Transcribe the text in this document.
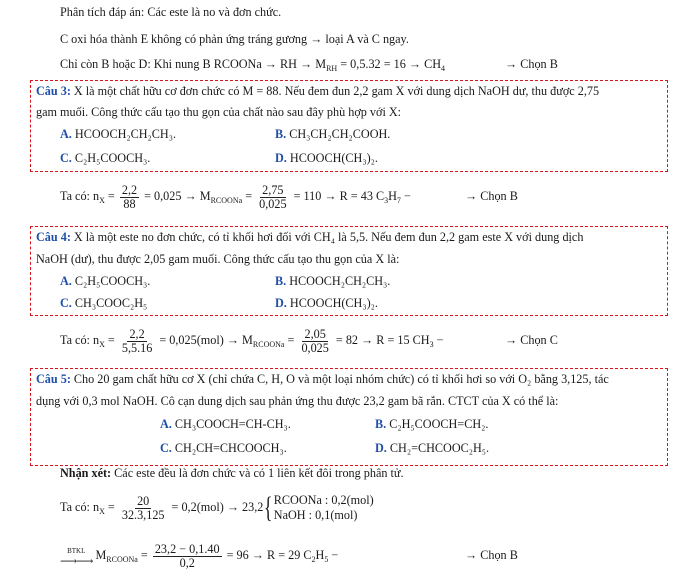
Phân tích đáp án: Các este là no và đơn chức.
C oxi hóa thành E không có phản ứng tráng gương → loại A và C ngay.
Chỉ còn B hoặc D: Khi nung B RCOONa → RH → $M_{RH} = 0,5.32 = 16 \to CH_4$	→ Chọn B
Câu 3: X là một chất hữu cơ đơn chức có M = 88. Nếu đem đun 2,2 gam X với dung dịch NaOH dư, thu được 2,75
gam muối. Công thức cấu tạo thu gọn của chất nào sau đây phù hợp với X:
A. HCOOCH₂CH₂CH₃.	B. CH₃CH₂CH₂COOH.
C. C₂H₅COOCH₃.	D. HCOOCH(CH₃)₂.
Ta có: $n_X = \frac{2,2}{88} = 0,025 \to M_{RCOONa} = \frac{2,75}{0,025} = 110 \to R = 43$ $C_3H_7$ −	→ Chọn B
Câu 4: X là một este no đơn chức, có tỉ khối hơi đối với CH₄ là 5,5. Nếu đem đun 2,2 gam este X với dung dịch
NaOH (dư), thu được 2,05 gam muối. Công thức cấu tạo thu gọn của X là:
A. C₂H₅COOCH₃.	B. HCOOCH₂CH₂CH₃.
C. CH₃COOC₂H₅	D. HCOOCH(CH₃)₂.
Ta có: $n_X = \frac{2,2}{5,5.16} = 0,025(mol) \to M_{RCOONa} = \frac{2,05}{0,025} = 82 \to R = 15$ $CH_3$ −	→ Chọn C
Câu 5: Cho 20 gam chất hữu cơ X (chỉ chứa C, H, O và một loại nhóm chức) có tỉ khối hơi so với O₂ bằng 3,125, tác
dụng với 0,3 mol NaOH. Cô cạn dung dịch sau phản ứng thu được 23,2 gam bã rắn. CTCT của X có thể là:
A. CH₃COOCH=CH-CH₃.	B. C₂H₅COOCH=CH₂.
C. CH₂CH=CHCOOCH₃.	D. CH₂=CHCOOC₂H₅.
Nhận xét: Các este đều là đơn chức và có 1 liên kết đôi trong phân tử.
Ta có: $n_X = \frac{20}{32.3,125} = 0,2(mol) \to 23,2${ RCOONa : 0,2(mol)
NaOH : 0,1(mol)
BTKL
⟶⟶ $M_{RCOONa} = \frac{23,2 - 0,1.40}{0,2} = 96 \to R = 29$ $C_2H_5$ −	→ Chọn B
